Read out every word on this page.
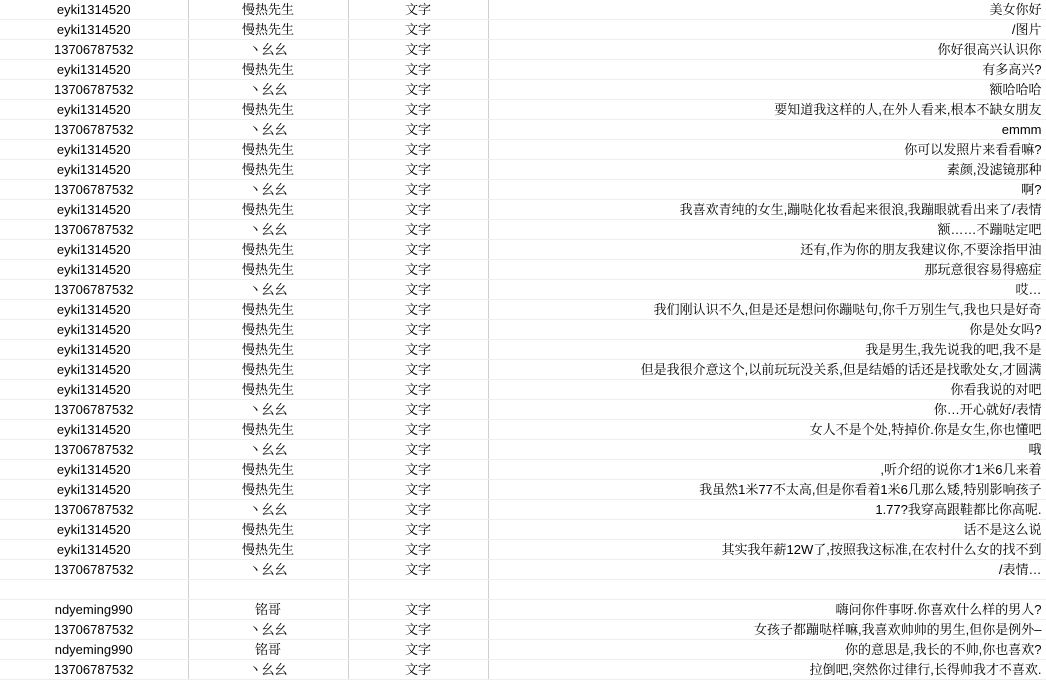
eyki1314520	慢热先生	文字	美女你好
eyki1314520	慢热先生	文字	/图片
13706787532	丶幺幺	文字	你好很高兴认识你
eyki1314520	慢热先生	文字	有多高兴?
13706787532	丶幺幺	文字	额哈哈哈
eyki1314520	慢热先生	文字	要知道我这样的人,在外人看来,根本不缺女朋友
13706787532	丶幺幺	文字	emmm
eyki1314520	慢热先生	文字	你可以发照片来看看嘛?
eyki1314520	慢热先生	文字	素颜,没滤镜那种
13706787532	丶幺幺	文字	啊?
eyki1314520	慢热先生	文字	我喜欢青纯的女生,蹦哒化妆看起来很浪,我蹦眼就看出来了/表情
13706787532	丶幺幺	文字	额……不蹦哒定吧
eyki1314520	慢热先生	文字	还有,作为你的朋友我建议你,不要涂指甲油
eyki1314520	慢热先生	文字	那玩意很容易得癌症
13706787532	丶幺幺	文字	哎…
eyki1314520	慢热先生	文字	我们刚认识不久,但是还是想问你蹦哒句,你千万别生气,我也只是好奇
eyki1314520	慢热先生	文字	你是处女吗?
eyki1314520	慢热先生	文字	我是男生,我先说我的吧,我不是
eyki1314520	慢热先生	文字	但是我很介意这个,以前玩玩没关系,但是结婚的话还是找歌处女,才圆满
eyki1314520	慢热先生	文字	你看我说的对吧
13706787532	丶幺幺	文字	你…开心就好/表情
eyki1314520	慢热先生	文字	女人不是个处,特掉价.你是女生,你也懂吧
13706787532	丶幺幺	文字	哦
eyki1314520	慢热先生	文字	,听介绍的说你才1米6几来着
eyki1314520	慢热先生	文字	我虽然1米77不太高,但是你看着1米6几那么矮,特别影响孩子
13706787532	丶幺幺	文字	1.77?我穿高跟鞋都比你高呢.
eyki1314520	慢热先生	文字	话不是这么说
eyki1314520	慢热先生	文字	其实我年薪12W了,按照我这标准,在农村什么女的找不到
13706787532	丶幺幺	文字	/表情…

ndyeming990	铭哥	文字	嗨问你件事呀.你喜欢什么样的男人?
13706787532	丶幺幺	文字	女孩子都蹦哒样嘛,我喜欢帅帅的男生,但你是例外–
ndyeming990	铭哥	文字	你的意思是,我长的不帅,你也喜欢?
13706787532	丶幺幺	文字	拉倒吧,突然你过律行,长得帅我才不喜欢.
